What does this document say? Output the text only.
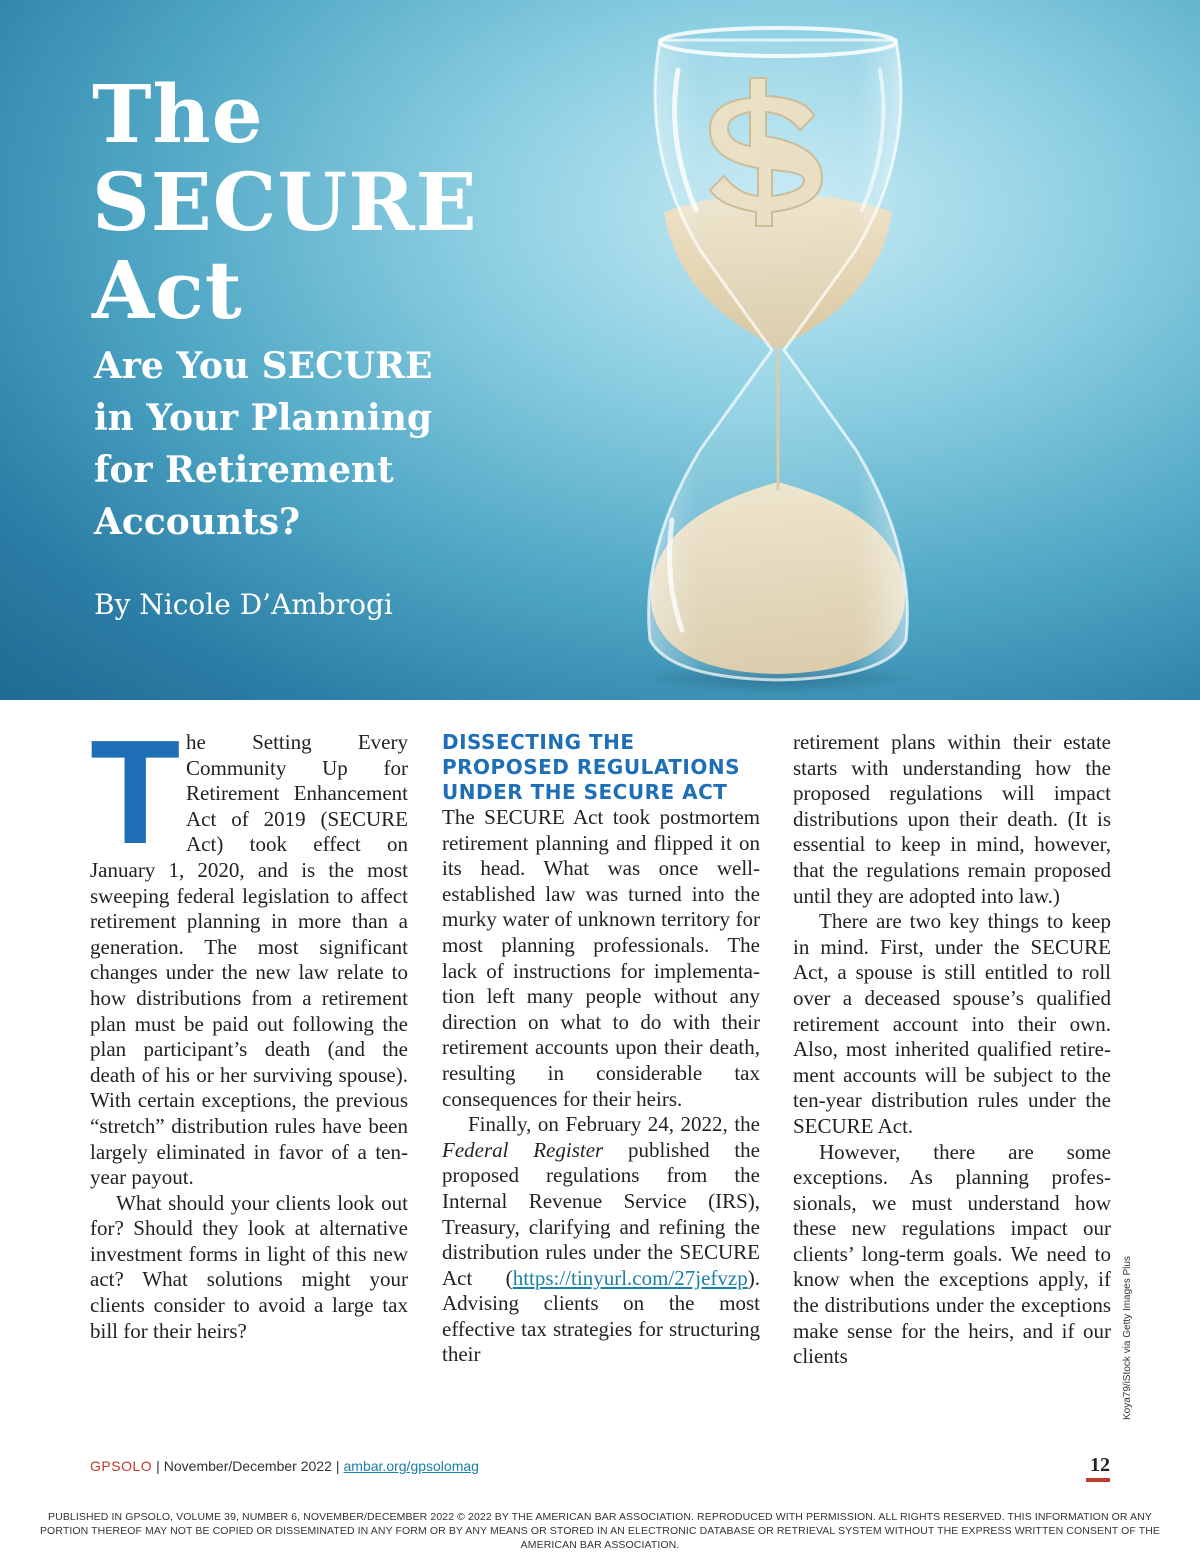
The
SECURE
Act
Are You SECURE
in Your Planning
for Retirement
Accounts?
By Nicole D’Ambrogi

The Setting Every Community Up for Retirement Enhancement Act of 2019 (SECURE Act) took effect on January 1, 2020, and is the most sweeping federal legislation to affect retirement planning in more than a generation. The most significant changes under the new law relate to how distributions from a retirement plan must be paid out following the plan participant’s death (and the death of his or her surviving spouse). With certain exceptions, the previous “stretch” distribution rules have been largely eliminated in favor of a ten-year payout.

What should your clients look out for? Should they look at alternative investment forms in light of this new act? What solutions might your clients consider to avoid a large tax bill for their heirs?

DISSECTING THE PROPOSED REGULATIONS UNDER THE SECURE ACT

The SECURE Act took postmortem retirement planning and flipped it on its head. What was once well-established law was turned into the murky water of unknown territory for most planning professionals. The lack of instructions for implementation left many people without any direction on what to do with their retirement accounts upon their death, resulting in considerable tax consequences for their heirs.

Finally, on February 24, 2022, the Federal Register published the proposed regulations from the Internal Revenue Service (IRS), Treasury, clarifying and refining the distribution rules under the SECURE Act (https://tinyurl.com/27jefvzp). Advising clients on the most effective tax strategies for structuring their

retirement plans within their estate starts with understanding how the proposed regulations will impact distributions upon their death. (It is essential to keep in mind, however, that the regulations remain proposed until they are adopted into law.)

There are two key things to keep in mind. First, under the SECURE Act, a spouse is still entitled to roll over a deceased spouse’s qualified retirement account into their own. Also, most inherited qualified retirement accounts will be subject to the ten-year distribution rules under the SECURE Act.

However, there are some exceptions. As planning professionals, we must understand how these new regulations impact our clients’ long-term goals. We need to know when the exceptions apply, if the distributions under the exceptions make sense for the heirs, and if our clients	Koya79/iStock via Getty Images Plus
GPSOLO | November/December 2022 | ambar.org/gpsolomag	12
PUBLISHED IN GPSOLO, VOLUME 39, NUMBER 6, NOVEMBER/DECEMBER 2022 © 2022 BY THE AMERICAN BAR ASSOCIATION. REPRODUCED WITH PERMISSION. ALL RIGHTS RESERVED. THIS INFORMATION OR ANY PORTION THEREOF MAY NOT BE COPIED OR DISSEMINATED IN ANY FORM OR BY ANY MEANS OR STORED IN AN ELECTRONIC DATABASE OR RETRIEVAL SYSTEM WITHOUT THE EXPRESS WRITTEN CONSENT OF THE AMERICAN BAR ASSOCIATION.
